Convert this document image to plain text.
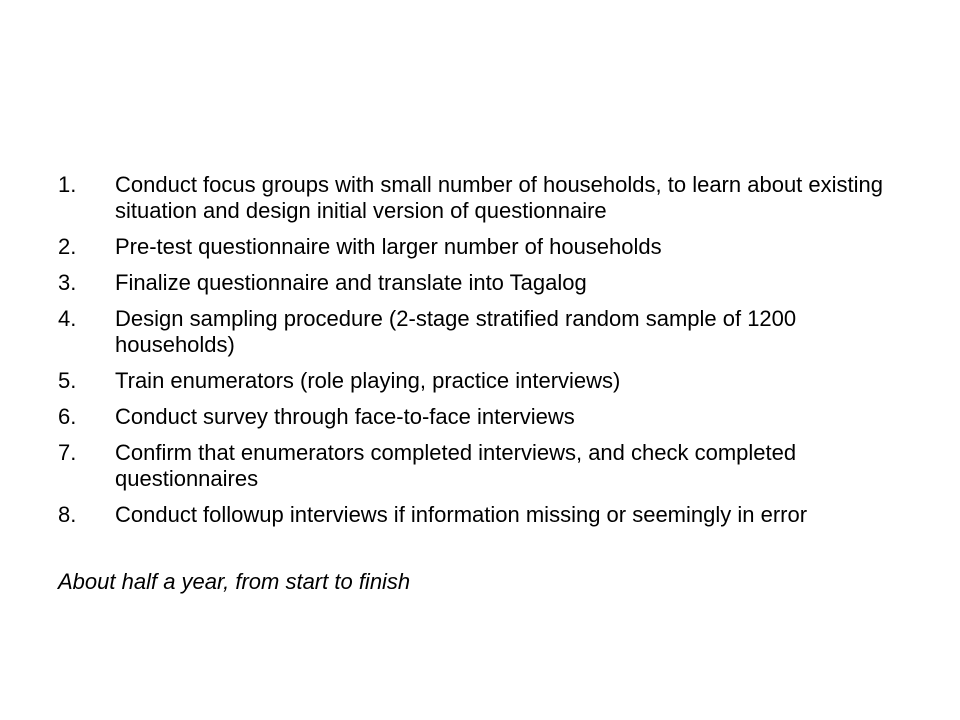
1. Conduct focus groups with small number of households, to learn about existing situation and design initial version of questionnaire
2. Pre-test questionnaire with larger number of households
3. Finalize questionnaire and translate into Tagalog
4. Design sampling procedure (2-stage stratified random sample of 1200 households)
5. Train enumerators (role playing, practice interviews)
6. Conduct survey through face-to-face interviews
7. Confirm that enumerators completed interviews, and check completed questionnaires
8. Conduct followup interviews if information missing or seemingly in error
About half a year, from start to finish
